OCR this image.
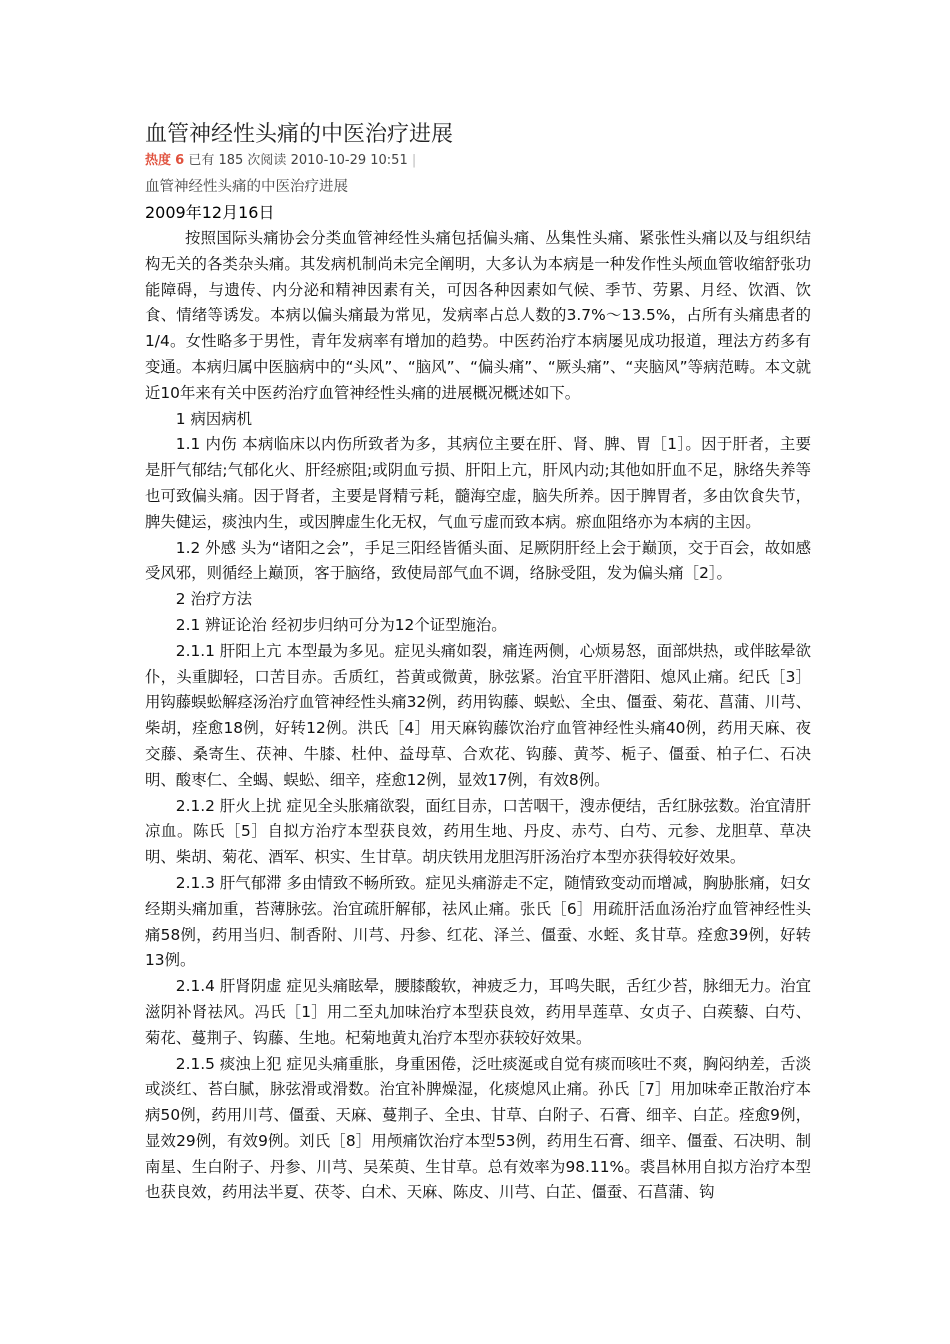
血管神经性头痛的中医治疗进展
热度 6 已有 185 次阅读 2010-10-29 10:51 |
血管神经性头痛的中医治疗进展
2009年12月16日

按照国际头痛协会分类血管神经性头痛包括偏头痛、丛集性头痛、紧张性头痛以及与组织结构无关的各类杂头痛。其发病机制尚未完全阐明，大多认为本病是一种发作性头颅血管收缩舒张功能障碍，与遗传、内分泌和精神因素有关，可因各种因素如气候、季节、劳累、月经、饮酒、饮食、情绪等诱发。本病以偏头痛最为常见，发病率占总人数的3.7%～13.5%，占所有头痛患者的1/4。女性略多于男性，青年发病率有增加的趋势。中医药治疗本病屡见成功报道，理法方药多有变通。本病归属中医脑病中的“头风”、“脑风”、“偏头痛”、“厥头痛”、“夹脑风”等病范畴。本文就近10年来有关中医药治疗血管神经性头痛的进展概况概述如下。

1 病因病机

1.1 内伤 本病临床以内伤所致者为多，其病位主要在肝、肾、脾、胃［1］。因于肝者，主要是肝气郁结;气郁化火、肝经瘀阻;或阴血亏损、肝阳上亢，肝风内动;其他如肝血不足，脉络失养等也可致偏头痛。因于肾者，主要是肾精亏耗，髓海空虚，脑失所养。因于脾胃者，多由饮食失节，脾失健运，痰浊内生，或因脾虚生化无权，气血亏虚而致本病。瘀血阻络亦为本病的主因。

1.2 外感 头为“诸阳之会”，手足三阳经皆循头面、足厥阴肝经上会于巅顶，交于百会，故如感受风邪，则循经上巅顶，客于脑络，致使局部气血不调，络脉受阻，发为偏头痛［2］。

2 治疗方法

2.1 辨证论治 经初步归纳可分为12个证型施治。

2.1.1 肝阳上亢 本型最为多见。症见头痛如裂，痛连两侧，心烦易怒，面部烘热，或伴眩晕欲仆，头重脚轻，口苦目赤。舌质红，苔黄或微黄，脉弦紧。治宜平肝潜阳、熄风止痛。纪氏［3］用钩藤蜈蚣解痉汤治疗血管神经性头痛32例，药用钩藤、蜈蚣、全虫、僵蚕、菊花、菖蒲、川芎、柴胡，痊愈18例，好转12例。洪氏［4］用天麻钩藤饮治疗血管神经性头痛40例，药用天麻、夜交藤、桑寄生、茯神、牛膝、杜仲、益母草、合欢花、钩藤、黄芩、栀子、僵蚕、柏子仁、石决明、酸枣仁、全蝎、蜈蚣、细辛，痊愈12例，显效17例，有效8例。

2.1.2 肝火上扰 症见全头胀痛欲裂，面红目赤，口苦咽干，溲赤便结，舌红脉弦数。治宜清肝凉血。陈氏［5］自拟方治疗本型获良效，药用生地、丹皮、赤芍、白芍、元参、龙胆草、草决明、柴胡、菊花、酒军、枳实、生甘草。胡庆铁用龙胆泻肝汤治疗本型亦获得较好效果。

2.1.3 肝气郁滞 多由情致不畅所致。症见头痛游走不定，随情致变动而增减，胸胁胀痛，妇女经期头痛加重，苔薄脉弦。治宜疏肝解郁，祛风止痛。张氏［6］用疏肝活血汤治疗血管神经性头痛58例，药用当归、制香附、川芎、丹参、红花、泽兰、僵蚕、水蛭、炙甘草。痊愈39例，好转13例。

2.1.4 肝肾阴虚 症见头痛眩晕，腰膝酸软，神疲乏力，耳鸣失眠，舌红少苔，脉细无力。治宜滋阴补肾祛风。冯氏［1］用二至丸加味治疗本型获良效，药用旱莲草、女贞子、白蒺藜、白芍、菊花、蔓荆子、钩藤、生地。杞菊地黄丸治疗本型亦获较好效果。

2.1.5 痰浊上犯 症见头痛重胀，身重困倦，泛吐痰涎或自觉有痰而咳吐不爽，胸闷纳差，舌淡或淡红、苔白腻，脉弦滑或滑数。治宜补脾燥湿，化痰熄风止痛。孙氏［7］用加味牵正散治疗本病50例，药用川芎、僵蚕、天麻、蔓荆子、全虫、甘草、白附子、石膏、细辛、白芷。痊愈9例，显效29例，有效9例。刘氏［8］用颅痛饮治疗本型53例，药用生石膏、细辛、僵蚕、石决明、制南星、生白附子、丹参、川芎、吴茱萸、生甘草。总有效率为98.11%。裘昌林用自拟方治疗本型也获良效，药用法半夏、茯苓、白术、天麻、陈皮、川芎、白芷、僵蚕、石菖蒲、钩
